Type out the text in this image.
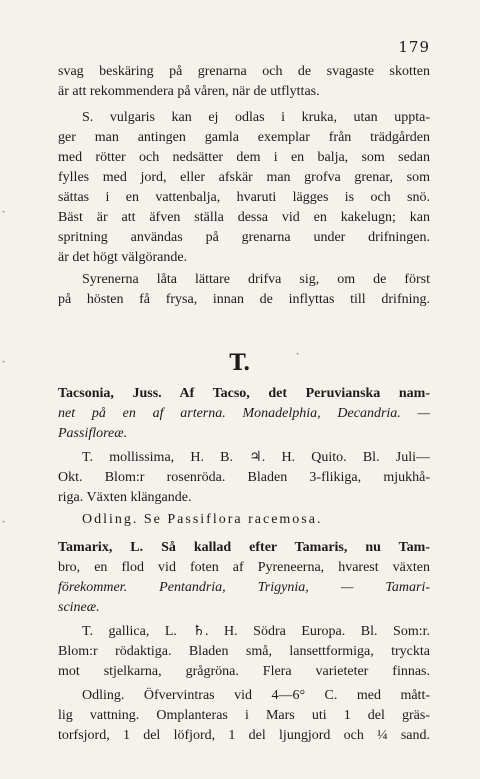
179
svag beskäring på grenarna och de svagaste skotten
är att rekommendera på våren, när de utflyttas.
S. vulgaris kan ej odlas i kruka, utan uppta-
ger man antingen gamla exemplar från trädgården
med rötter och nedsätter dem i en balja, som sedan
fylles med jord, eller afskär man grofva grenar, som
sättas i en vattenbalja, hvaruti lägges is och snö.
Bäst är att äfven ställa dessa vid en kakelugn; kan
spritning användas på grenarna under drifningen.
är det högt välgörande.
Syrenerna låta lättare drifva sig, om de först
på hösten få frysa, innan de inflyttas till drifning.
T.
Tacsonia, Juss. Af Tacso, det Peruvianska nam-
net på en af arterna. Monadelphia, Decandria. —
Passifloreæ.
T. mollissima, H. B. ♃. H. Quito. Bl. Juli—
Okt. Blom:r rosenröda. Bladen 3-flikiga, mjukhå-
riga. Växten klängande.
Odling. Se Passiflora racemosa.
Tamarix, L. Så kallad efter Tamaris, nu Tam-
bro, en flod vid foten af Pyreneerna, hvarest växten
förekommer. Pentandria, Trigynia, — Tamari-
scineæ.
T. gallica, L. ♄. H. Södra Europa. Bl. Som:r.
Blom:r rödaktiga. Bladen små, lansettformiga, tryckta
mot stjelkarna, grågröna. Flera varieteter finnas.
Odling. Öfvervintras vid 4—6° C. med mått-
lig vattning. Omplanteras i Mars uti 1 del gräs-
torfsjord, 1 del löfjord, 1 del ljungjord och ¼ sand.
ˎ
ˎ
ˎ
ˏ
